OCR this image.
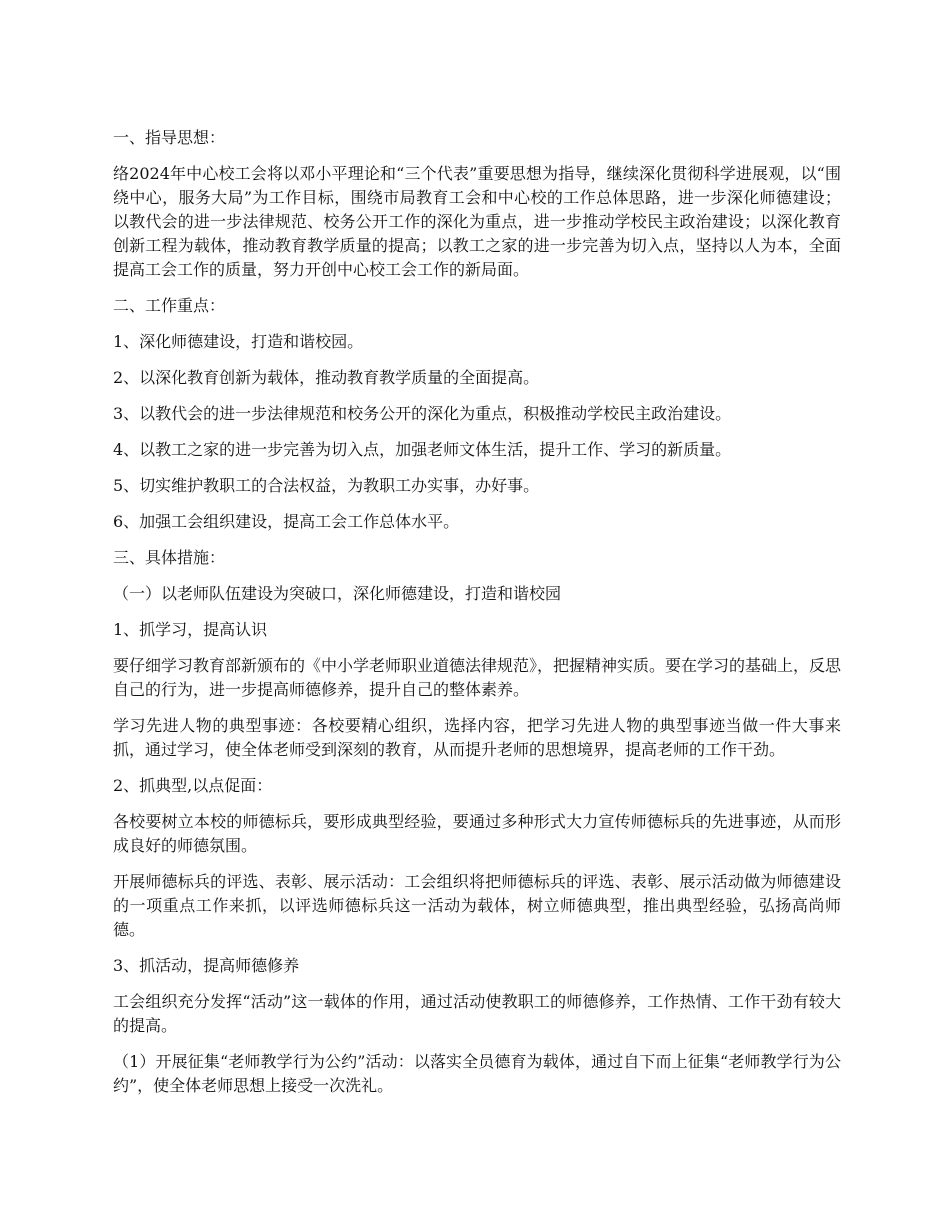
一、指导思想：

络2024年中心校工会将以邓小平理论和“三个代表”重要思想为指导，继续深化贯彻科学进展观，以“围绕中心，服务大局”为工作目标，围绕市局教育工会和中心校的工作总体思路，进一步深化师德建设；以教代会的进一步法律规范、校务公开工作的深化为重点，进一步推动学校民主政治建设；以深化教育创新工程为载体，推动教育教学质量的提高；以教工之家的进一步完善为切入点，坚持以人为本，全面提高工会工作的质量，努力开创中心校工会工作的新局面。

二、工作重点：

1、深化师德建设，打造和谐校园。

2、以深化教育创新为载体，推动教育教学质量的全面提高。

3、以教代会的进一步法律规范和校务公开的深化为重点，积极推动学校民主政治建设。

4、以教工之家的进一步完善为切入点，加强老师文体生活，提升工作、学习的新质量。

5、切实维护教职工的合法权益，为教职工办实事，办好事。

6、加强工会组织建设，提高工会工作总体水平。

三、具体措施：

（一）以老师队伍建设为突破口，深化师德建设，打造和谐校园

1、抓学习，提高认识

要仔细学习教育部新颁布的《中小学老师职业道德法律规范》，把握精神实质。要在学习的基础上，反思自己的行为，进一步提高师德修养，提升自己的整体素养。

学习先进人物的典型事迹：各校要精心组织，选择内容，把学习先进人物的典型事迹当做一件大事来抓，通过学习，使全体老师受到深刻的教育，从而提升老师的思想境界，提高老师的工作干劲。

2、抓典型,以点促面：

各校要树立本校的师德标兵，要形成典型经验，要通过多种形式大力宣传师德标兵的先进事迹，从而形成良好的师德氛围。

开展师德标兵的评选、表彰、展示活动：工会组织将把师德标兵的评选、表彰、展示活动做为师德建设的一项重点工作来抓，以评选师德标兵这一活动为载体，树立师德典型，推出典型经验，弘扬高尚师德。

3、抓活动，提高师德修养

工会组织充分发挥“活动”这一载体的作用，通过活动使教职工的师德修养，工作热情、工作干劲有较大的提高。

（1）开展征集“老师教学行为公约”活动：以落实全员德育为载体，通过自下而上征集“老师教学行为公约”，使全体老师思想上接受一次洗礼。
